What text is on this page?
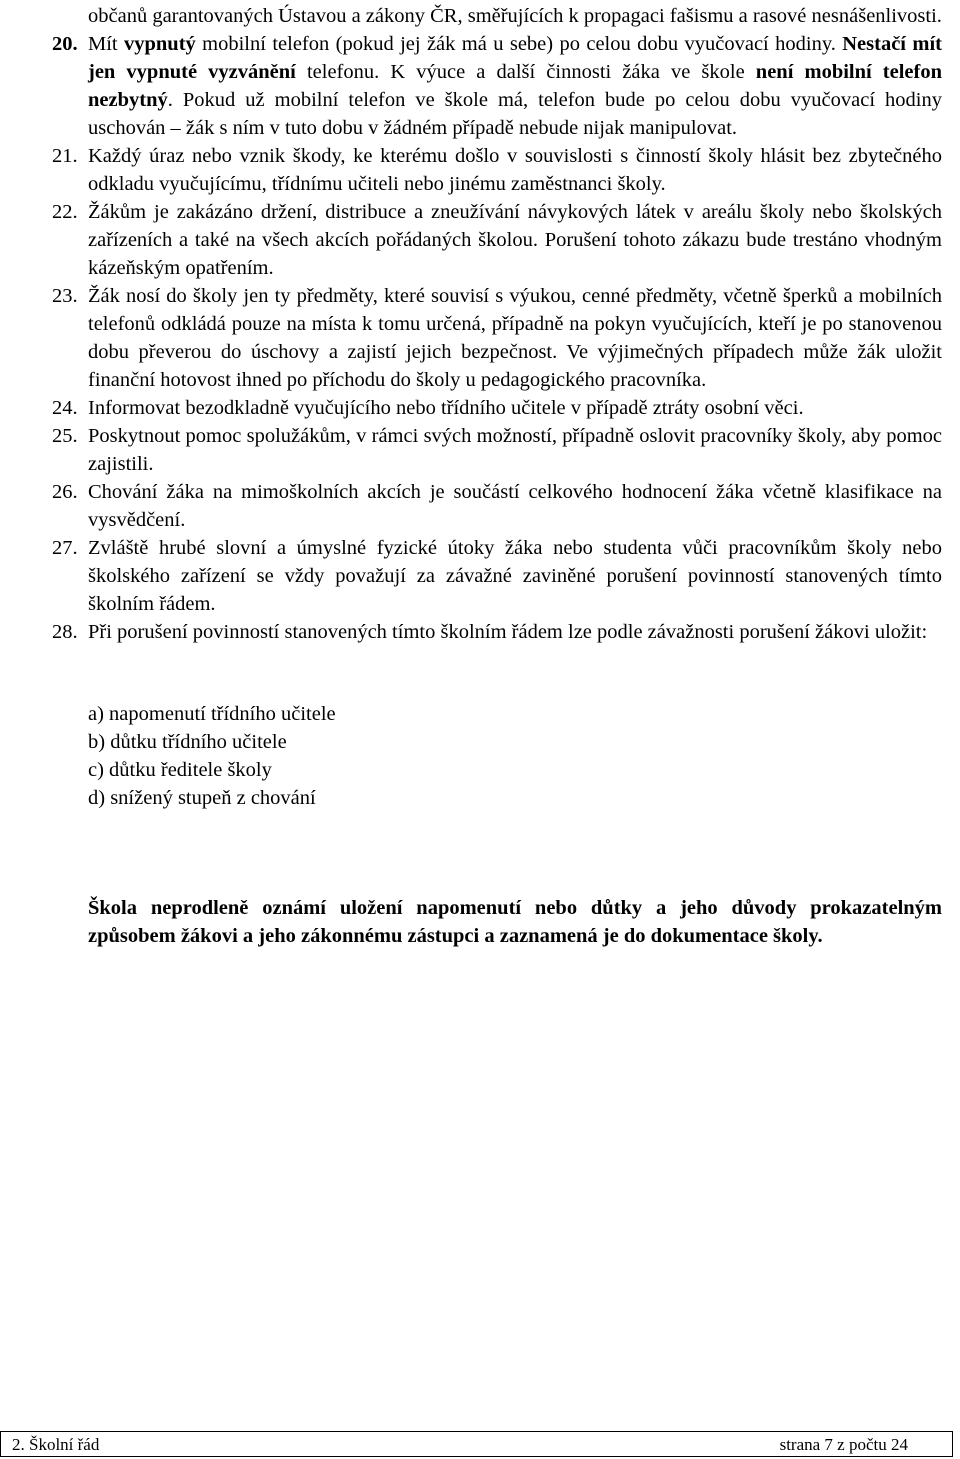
občanů garantovaných Ústavou a zákony ČR, směřujících k propagaci fašismu a rasové nesnášenlivosti.
20. Mít vypnutý mobilní telefon (pokud jej žák má u sebe) po celou dobu vyučovací hodiny. Nestačí mít jen vypnuté vyzvánění telefonu. K výuce a další činnosti žáka ve škole není mobilní telefon nezbytný. Pokud už mobilní telefon ve škole má, telefon bude po celou dobu vyučovací hodiny uschován – žák s ním v tuto dobu v žádném případě nebude nijak manipulovat.
21. Každý úraz nebo vznik škody, ke kterému došlo v souvislosti s činností školy hlásit bez zbytečného odkladu vyučujícímu, třídnímu učiteli nebo jinému zaměstnanci školy.
22. Žákům je zakázáno držení, distribuce a zneužívání návykových látek v areálu školy nebo školských zařízeních a také na všech akcích pořádaných školou. Porušení tohoto zákazu bude trestáno vhodným kázeňským opatřením.
23. Žák nosí do školy jen ty předměty, které souvisí s výukou, cenné předměty, včetně šperků a mobilních telefonů odkládá pouze na místa k tomu určená, případně na pokyn vyučujících, kteří je po stanovenou dobu převerou do úschovy a zajistí jejich bezpečnost. Ve výjimečných případech může žák uložit finanční hotovost ihned po příchodu do školy u pedagogického pracovníka.
24. Informovat bezodkladně vyučujícího nebo třídního učitele v případě ztráty osobní věci.
25. Poskytnout pomoc spolužákům, v rámci svých možností, případně oslovit pracovníky školy, aby pomoc zajistili.
26. Chování žáka na mimoškolních akcích je součástí celkového hodnocení žáka včetně klasifikace na vysvědčení.
27. Zvláště hrubé slovní a úmyslné fyzické útoky žáka nebo studenta vůči pracovníkům školy nebo školského zařízení se vždy považují za závažné zaviněné porušení povinností stanovených tímto školním řádem.
28. Při porušení povinností stanovených tímto školním řádem lze podle závažnosti porušení žákovi uložit:
a) napomenutí třídního učitele
b) důtku třídního učitele
c) důtku ředitele školy
d) snížený stupeň z chování
Škola neprodleně oznámí uložení napomenutí nebo důtky a jeho důvody prokazatelným způsobem žákovi a jeho zákonnému zástupci a zaznamená je do dokumentace školy.
2. Školní řád	strana 7 z počtu 24
